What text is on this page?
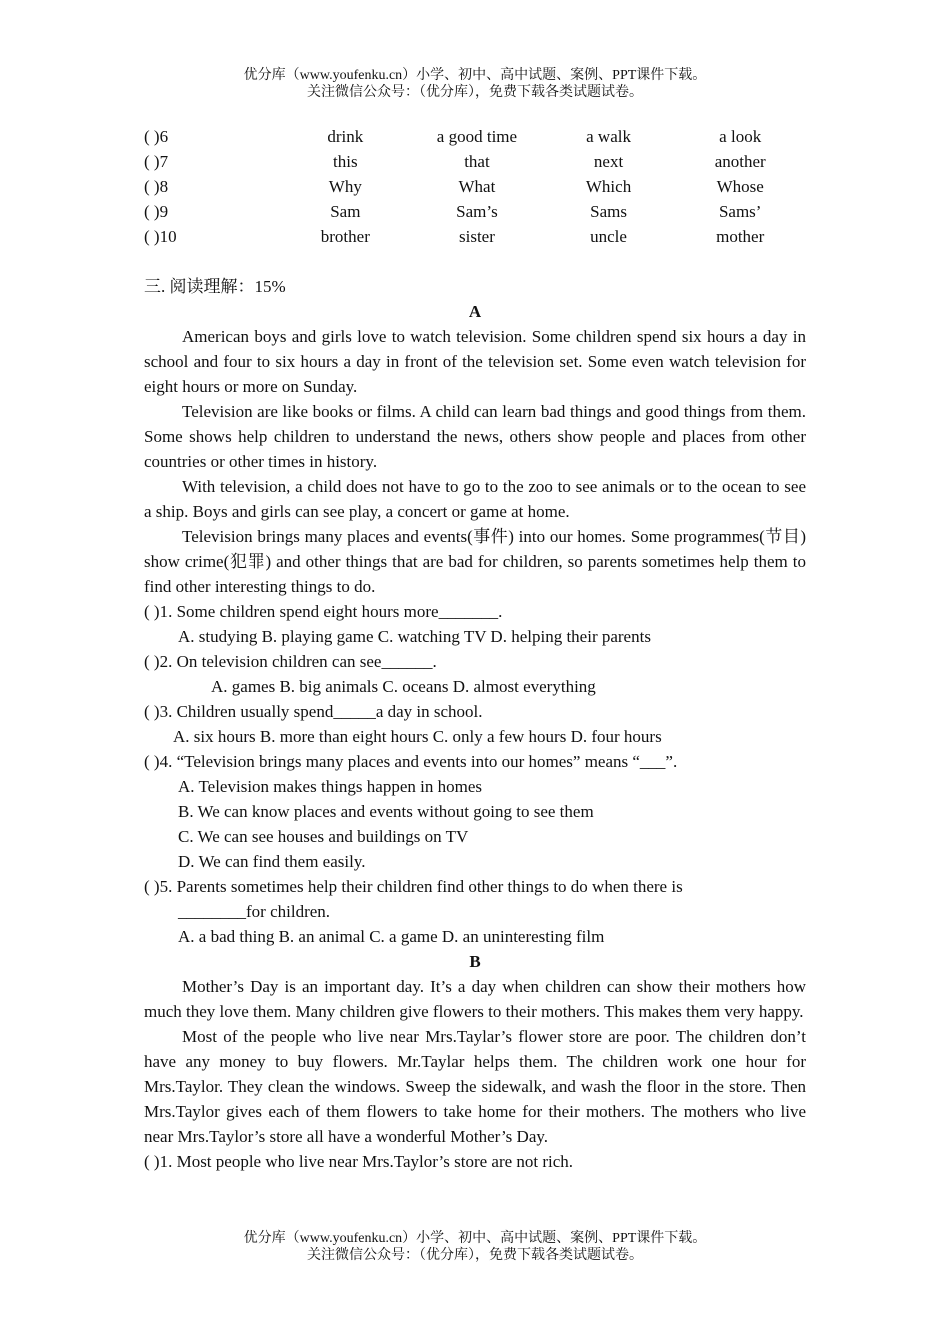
优分库（www.youfenku.cn）小学、初中、高中试题、案例、PPT课件下载。
关注微信公众号：（优分库），免费下载各类试题试卷。
( )6	drink	a good time	a walk	a look
( )7	this	that	next	another
( )8	Why	What	Which	Whose
( )9	Sam	Sam’s	Sams	Sams’
( )10	brother	sister	uncle	mother
三. 阅读理解：15%
A

American boys and girls love to watch television. Some children spend six hours a day in school and four to six hours a day in front of the television set. Some even watch television for eight hours or more on Sunday.

Television are like books or films. A child can learn bad things and good things from them. Some shows help children to understand the news, others show people and places from other countries or other times in history.

With television, a child does not have to go to the zoo to see animals or to the ocean to see a ship. Boys and girls can see play, a concert or game at home.

Television brings many places and events(事件) into our homes. Some programmes(节目) show crime(犯罪) and other things that are bad for children, so parents sometimes help them to find other interesting things to do.

( )1. Some children spend eight hours more_______.
A. studying B. playing game C. watching TV D. helping their parents
( )2. On television children can see______.
A. games B. big animals C. oceans D. almost everything
( )3. Children usually spend_____a day in school.
A. six hours B. more than eight hours C. only a few hours D. four hours
( )4. “Television brings many places and events into our homes” means “___”.
A. Television makes things happen in homes
B. We can know places and events without going to see them
C. We can see houses and buildings on TV
D. We can find them easily.
( )5. Parents sometimes help their children find other things to do when there is
________for children.
A. a bad thing B. an animal C. a game D. an uninteresting film
B

Mother’s Day is an important day. It’s a day when children can show their mothers how much they love them. Many children give flowers to their mothers. This makes them very happy.

Most of the people who live near Mrs.Taylar’s flower store are poor. The children don’t have any money to buy flowers. Mr.Taylar helps them. The children work one hour for Mrs.Taylor. They clean the windows. Sweep the sidewalk, and wash the floor in the store. Then Mrs.Taylor gives each of them flowers to take home for their mothers. The mothers who live near Mrs.Taylor’s store all have a wonderful Mother’s Day.

( )1. Most people who live near Mrs.Taylor’s store are not rich.
优分库（www.youfenku.cn）小学、初中、高中试题、案例、PPT课件下载。
关注微信公众号：（优分库），免费下载各类试题试卷。
